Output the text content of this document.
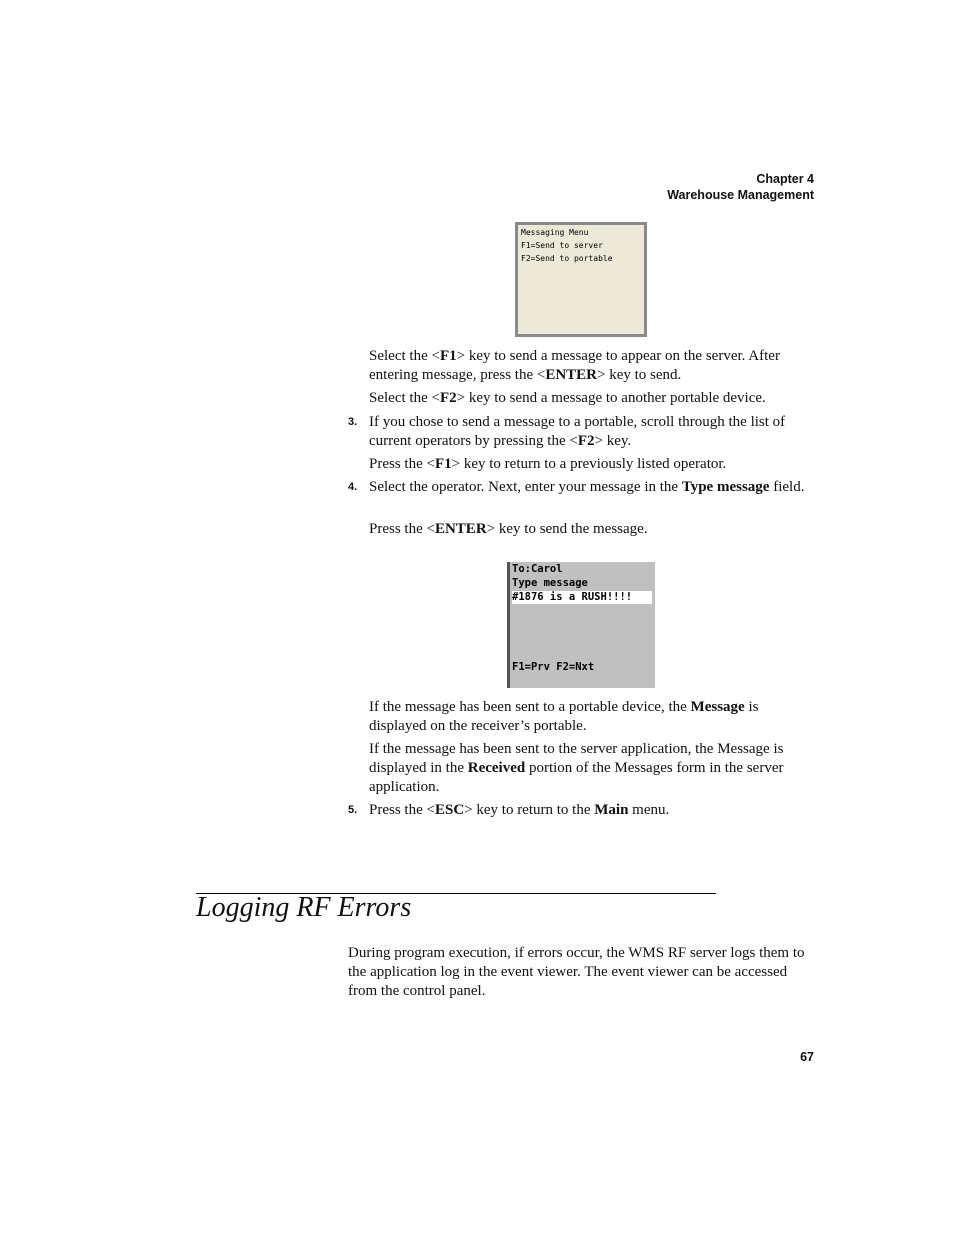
Chapter 4
Warehouse Management
Messaging Menu
F1=Send to server
F2=Send to portable
Select the <F1> key to send a message to appear on the server. After entering message, press the <ENTER> key to send.
Select the <F2> key to send a message to another portable device.
3. If you chose to send a message to a portable, scroll through the list of current operators by pressing the <F2> key.
Press the <F1> key to return to a previously listed operator.
4. Select the operator. Next, enter your message in the Type message field.
Press the <ENTER> key to send the message.
To:Carol
Type message
#1876 is a RUSH!!!!
F1=Prv F2=Nxt
If the message has been sent to a portable device, the Message is displayed on the receiver’s portable.
If the message has been sent to the server application, the Message is displayed in the Received portion of the Messages form in the server application.
5. Press the <ESC> key to return to the Main menu.
Logging RF Errors
During program execution, if errors occur, the WMS RF server logs them to the application log in the event viewer. The event viewer can be accessed from the control panel.
67
